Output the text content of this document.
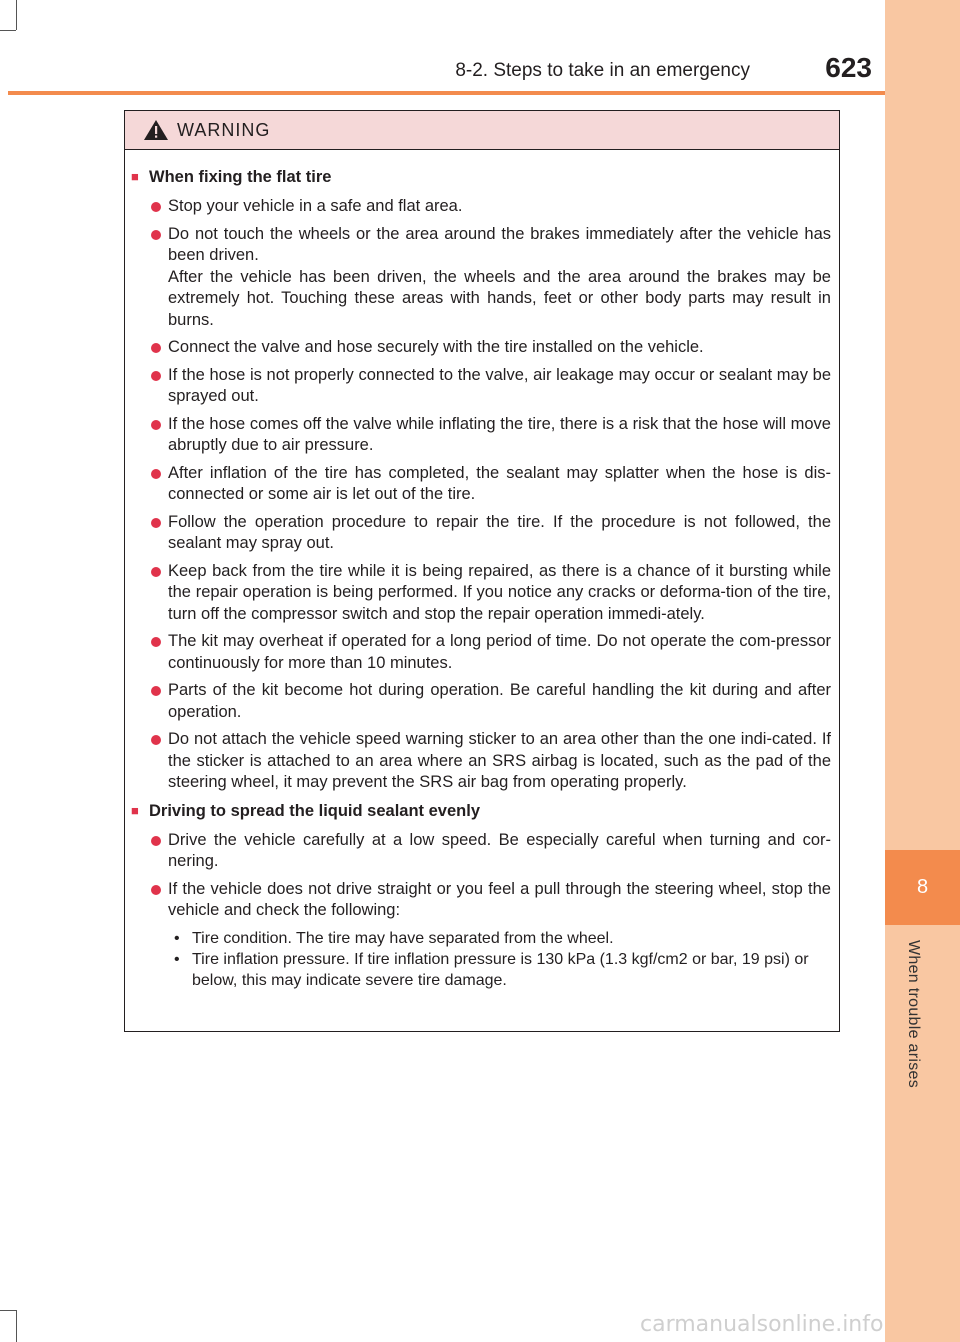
8
When trouble arises
8-2. Steps to take in an emergency	623
WARNING
■ When fixing the flat tire
Stop your vehicle in a safe and flat area.
Do not touch the wheels or the area around the brakes immediately after the vehicle has been driven.
After the vehicle has been driven, the wheels and the area around the brakes may be extremely hot. Touching these areas with hands, feet or other body parts may result in burns.
Connect the valve and hose securely with the tire installed on the vehicle.
If the hose is not properly connected to the valve, air leakage may occur or sealant may be sprayed out.
If the hose comes off the valve while inflating the tire, there is a risk that the hose will move abruptly due to air pressure.
After inflation of the tire has completed, the sealant may splatter when the hose is dis-connected or some air is let out of the tire.
Follow the operation procedure to repair the tire. If the procedure is not followed, the sealant may spray out.
Keep back from the tire while it is being repaired, as there is a chance of it bursting while the repair operation is being performed. If you notice any cracks or deforma-tion of the tire, turn off the compressor switch and stop the repair operation immedi-ately.
The kit may overheat if operated for a long period of time. Do not operate the com-pressor continuously for more than 10 minutes.
Parts of the kit become hot during operation. Be careful handling the kit during and after operation.
Do not attach the vehicle speed warning sticker to an area other than the one indi-cated. If the sticker is attached to an area where an SRS airbag is located, such as the pad of the steering wheel, it may prevent the SRS air bag from operating properly.
■ Driving to spread the liquid sealant evenly
Drive the vehicle carefully at a low speed. Be especially careful when turning and cor-nering.
If the vehicle does not drive straight or you feel a pull through the steering wheel, stop the vehicle and check the following:
• Tire condition. The tire may have separated from the wheel.
• Tire inflation pressure. If tire inflation pressure is 130 kPa (1.3 kgf/cm2 or bar, 19 psi) or below, this may indicate severe tire damage.
carmanualsonline.info
